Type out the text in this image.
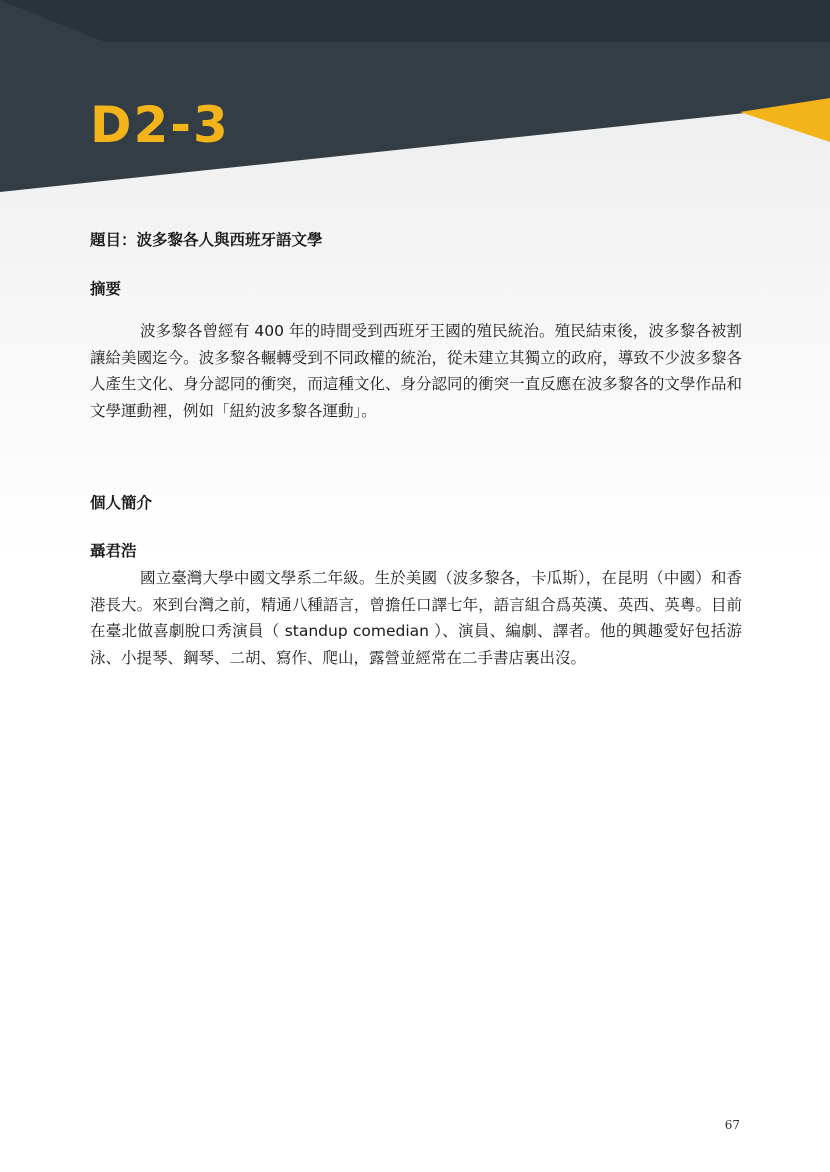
D2-3

題目：波多黎各人與西班牙語文學

摘要

波多黎各曾經有 400 年的時間受到西班牙王國的殖民統治。殖民結束後，波多黎各被割讓給美國迄今。波多黎各輾轉受到不同政權的統治，從未建立其獨立的政府，導致不少波多黎各人產生文化、身分認同的衝突，而這種文化、身分認同的衝突一直反應在波多黎各的文學作品和文學運動裡，例如「紐約波多黎各運動」。

個人簡介

聶君浩

國立臺灣大學中國文學系二年級。生於美國（波多黎各，卡瓜斯），在昆明（中國）和香港長大。來到台灣之前，精通八種語言，曾擔任口譯七年，語言組合爲英漢、英西、英粵。目前在臺北做喜劇脫口秀演員（ standup comedian ）、演員、編劇、譯者。他的興趣愛好包括游泳、小提琴、鋼琴、二胡、寫作、爬山，露營並經常在二手書店裏出沒。

67
